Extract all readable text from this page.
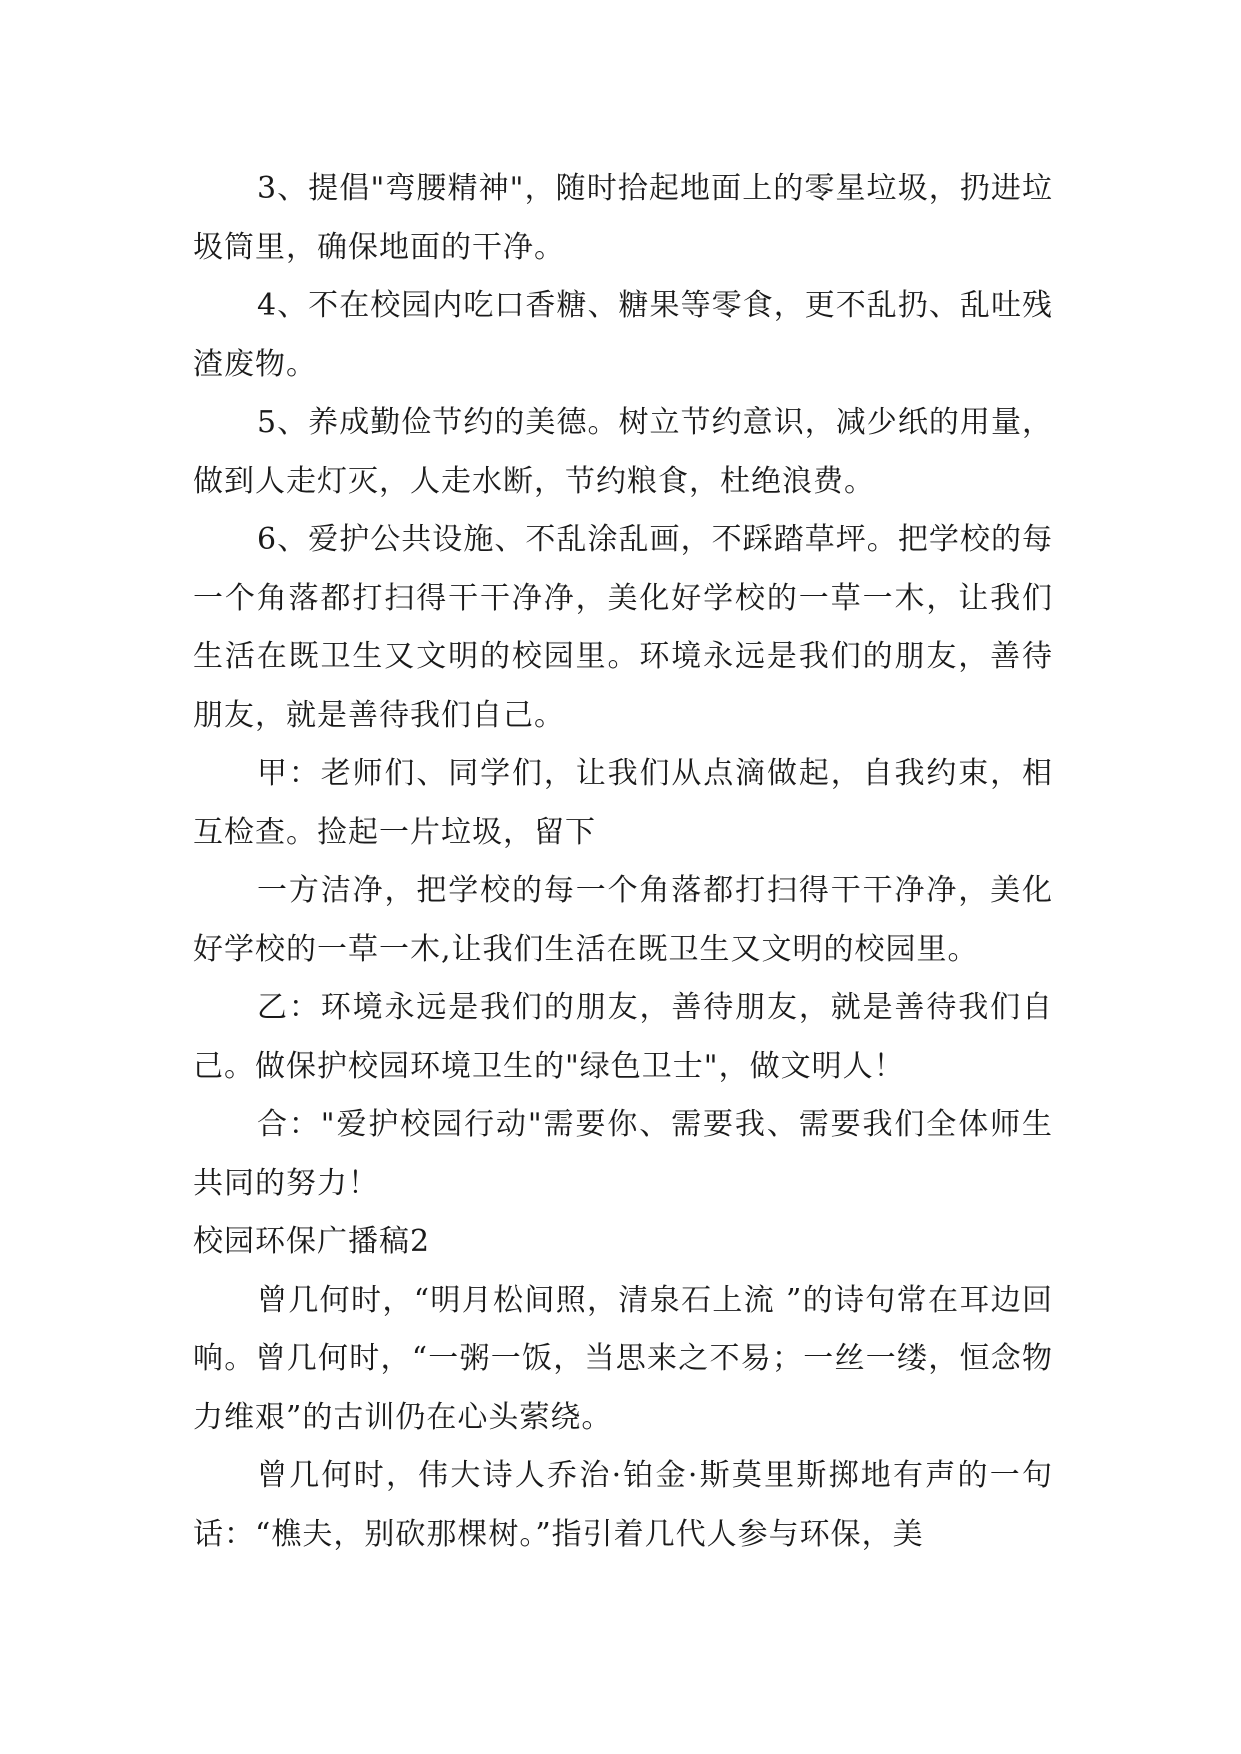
3、提倡"弯腰精神"，随时拾起地面上的零星垃圾，扔进垃圾筒里，确保地面的干净。

4、不在校园内吃口香糖、糖果等零食，更不乱扔、乱吐残渣废物。

5、养成勤俭节约的美德。树立节约意识，减少纸的用量，做到人走灯灭，人走水断，节约粮食，杜绝浪费。

6、爱护公共设施、不乱涂乱画，不踩踏草坪。把学校的每一个角落都打扫得干干净净，美化好学校的一草一木，让我们生活在既卫生又文明的校园里。环境永远是我们的朋友，善待朋友，就是善待我们自己。

甲：老师们、同学们，让我们从点滴做起，自我约束，相互检查。捡起一片垃圾，留下

一方洁净，把学校的每一个角落都打扫得干干净净，美化好学校的一草一木,让我们生活在既卫生又文明的校园里。

乙：环境永远是我们的朋友，善待朋友，就是善待我们自己。做保护校园环境卫生的"绿色卫士"，做文明人！

合："爱护校园行动"需要你、需要我、需要我们全体师生共同的努力！

校园环保广播稿2

曾几何时，“明月松间照，清泉石上流 ”的诗句常在耳边回响。曾几何时，“一粥一饭，当思来之不易；一丝一缕，恒念物力维艰”的古训仍在心头萦绕。

曾几何时，伟大诗人乔治·铂金·斯莫里斯掷地有声的一句话：“樵夫，别砍那棵树。”指引着几代人参与环保，美
